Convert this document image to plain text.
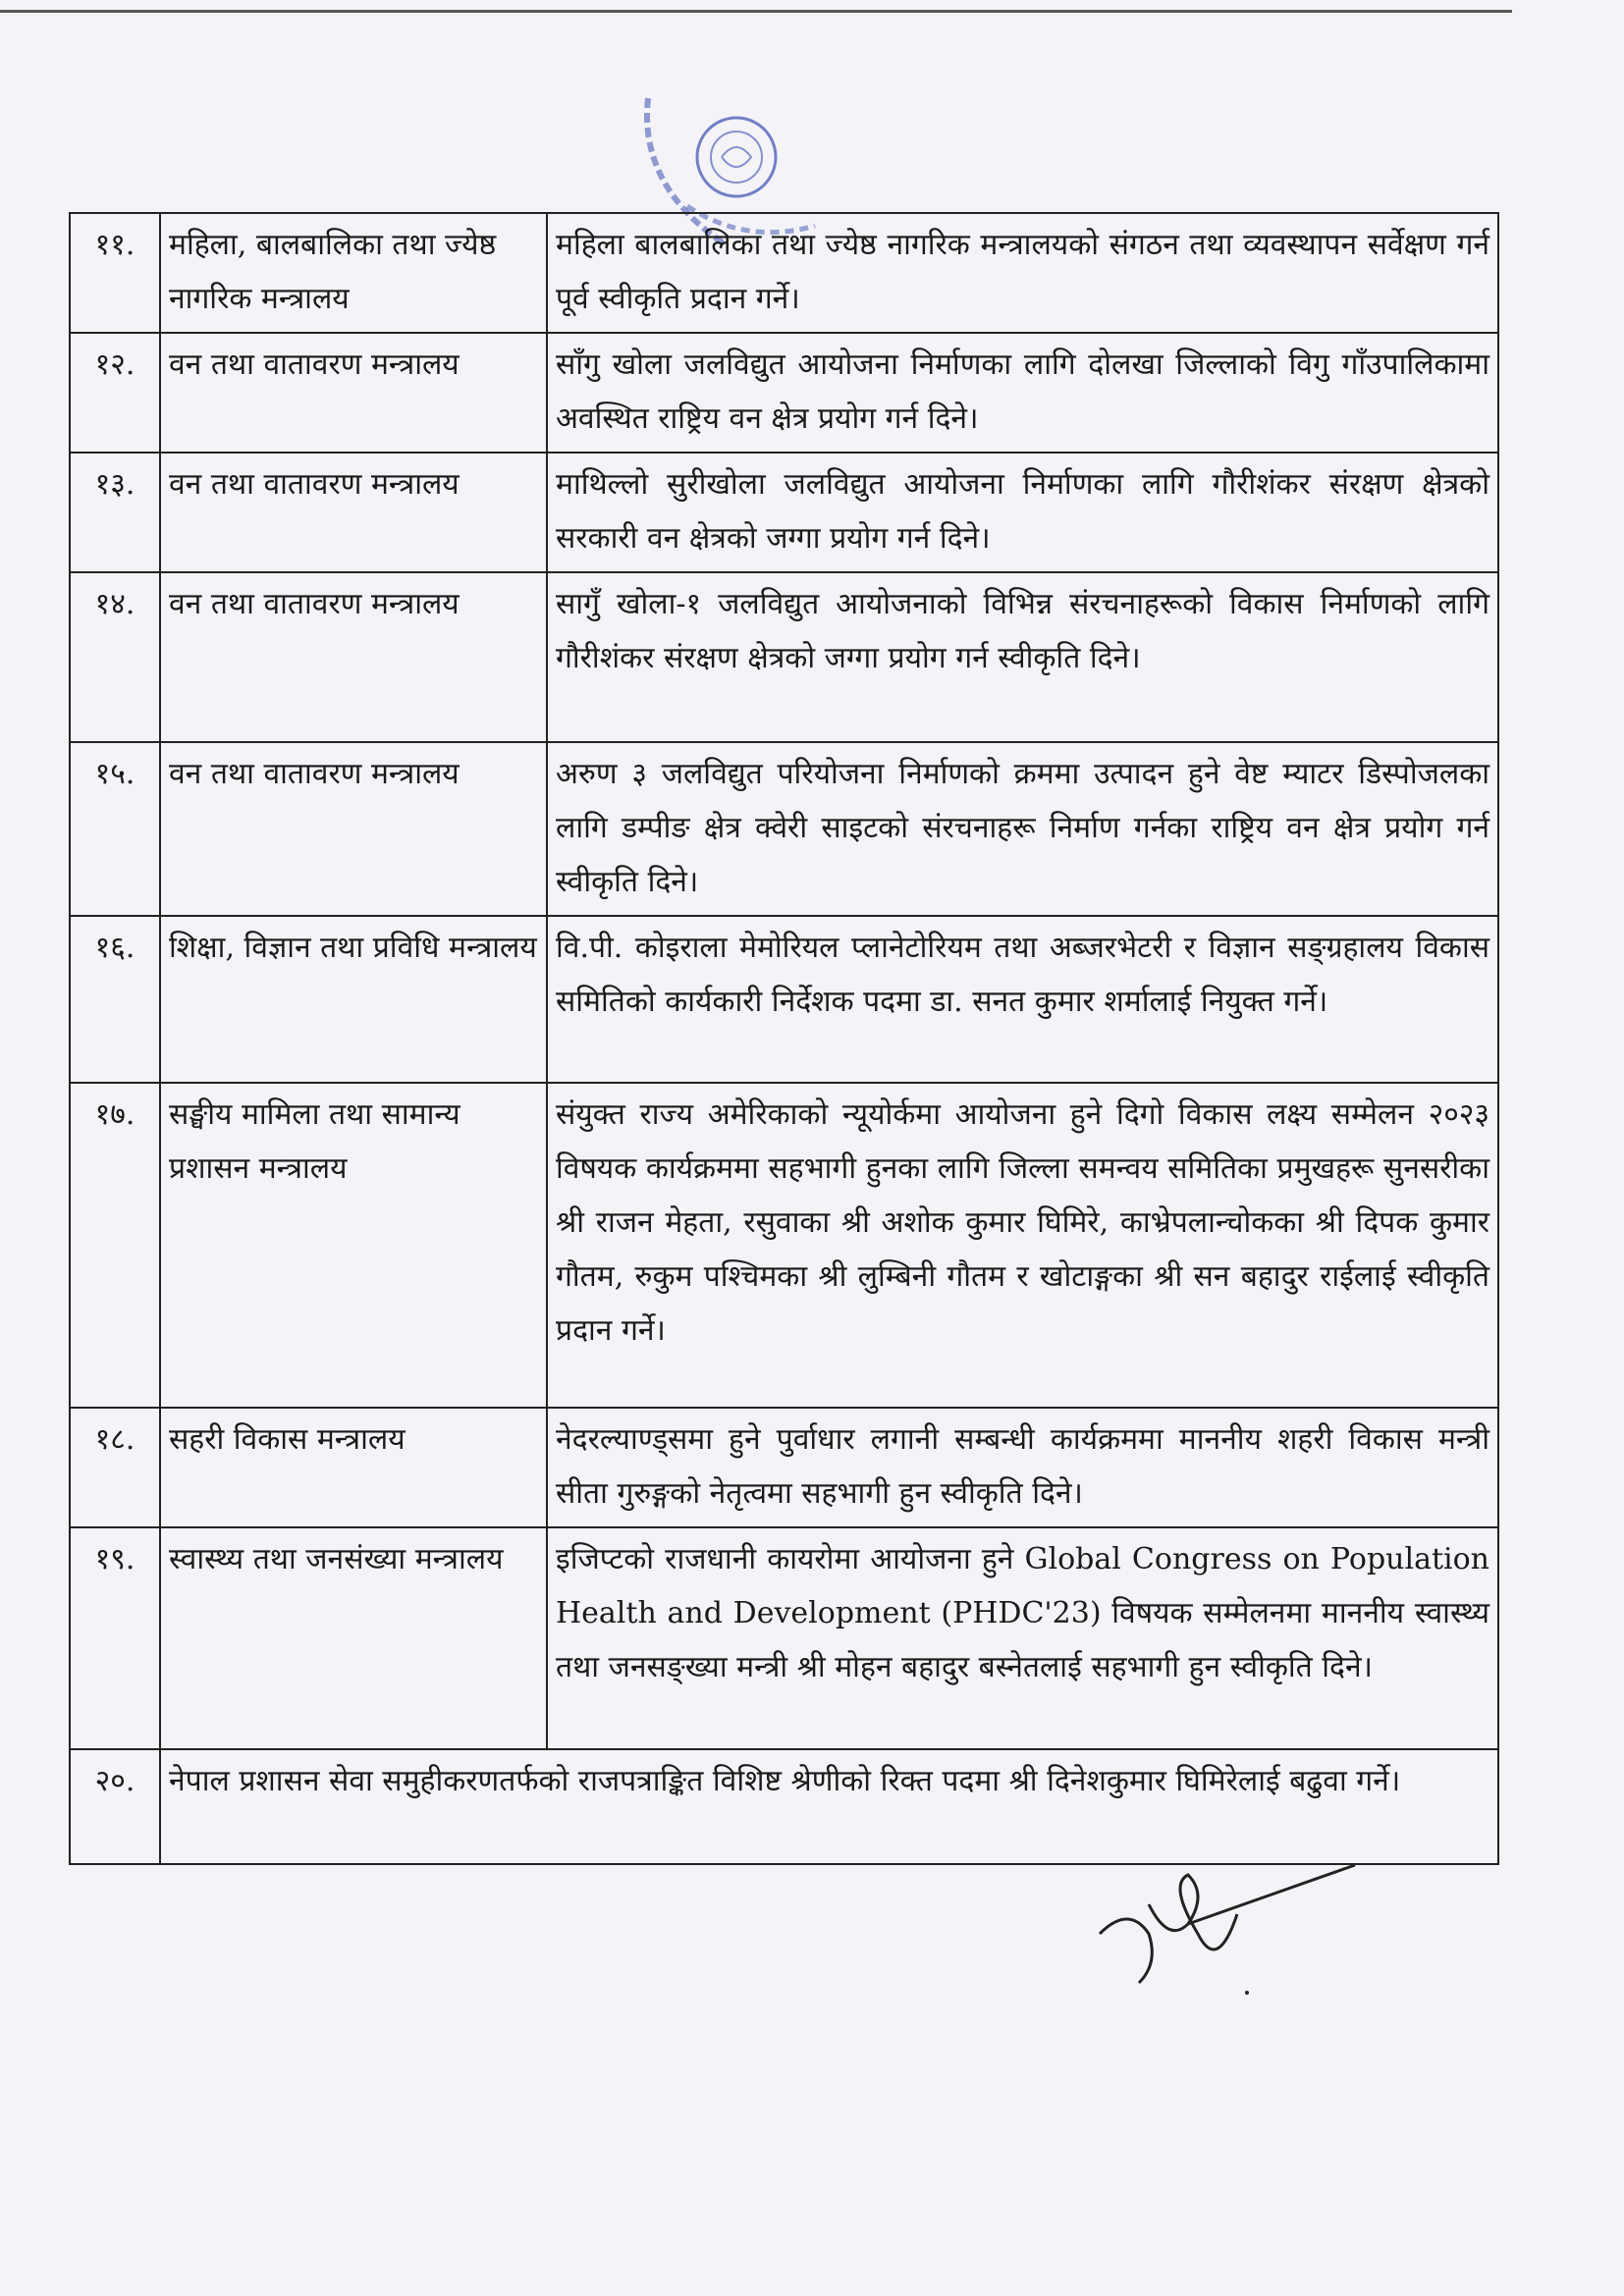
११.	महिला, बालबालिका तथा ज्येष्ठ नागरिक मन्त्रालय	महिला बालबालिका तथा ज्येष्ठ नागरिक मन्त्रालयको संगठन तथा व्यवस्थापन सर्वेक्षण गर्न पूर्व स्वीकृति प्रदान गर्ने।
१२.	वन तथा वातावरण मन्त्रालय	साँगु खोला जलविद्युत आयोजना निर्माणका लागि दोलखा जिल्लाको विगु गाँउपालिकामा अवस्थित राष्ट्रिय वन क्षेत्र प्रयोग गर्न दिने।
१३.	वन तथा वातावरण मन्त्रालय	माथिल्लो सुरीखोला जलविद्युत आयोजना निर्माणका लागि गौरीशंकर संरक्षण क्षेत्रको सरकारी वन क्षेत्रको जग्गा प्रयोग गर्न दिने।
१४.	वन तथा वातावरण मन्त्रालय	सागुँ खोला-१ जलविद्युत आयोजनाको विभिन्न संरचनाहरूको विकास निर्माणको लागि गौरीशंकर संरक्षण क्षेत्रको जग्गा प्रयोग गर्न स्वीकृति दिने।
१५.	वन तथा वातावरण मन्त्रालय	अरुण ३ जलविद्युत परियोजना निर्माणको क्रममा उत्पादन हुने वेष्ट म्याटर डिस्पोजलका लागि डम्पीङ क्षेत्र क्वेरी साइटको संरचनाहरू निर्माण गर्नका राष्ट्रिय वन क्षेत्र प्रयोग गर्न स्वीकृति दिने।
१६.	शिक्षा, विज्ञान तथा प्रविधि मन्त्रालय	वि.पी. कोइराला मेमोरियल प्लानेटोरियम तथा अब्जरभेटरी र विज्ञान सङ्ग्रहालय विकास समितिको कार्यकारी निर्देशक पदमा डा. सनत कुमार शर्मालाई नियुक्त गर्ने।
१७.	सङ्घीय मामिला तथा सामान्य प्रशासन मन्त्रालय	संयुक्त राज्य अमेरिकाको न्यूयोर्कमा आयोजना हुने दिगो विकास लक्ष्य सम्मेलन २०२३ विषयक कार्यक्रममा सहभागी हुनका लागि जिल्ला समन्वय समितिका प्रमुखहरू सुनसरीका श्री राजन मेहता, रसुवाका श्री अशोक कुमार घिमिरे, काभ्रेपलान्चोकका श्री दिपक कुमार गौतम, रुकुम पश्चिमका श्री लुम्बिनी गौतम र खोटाङ्गका श्री सन बहादुर राईलाई स्वीकृति प्रदान गर्ने।
१८.	सहरी विकास मन्त्रालय	नेदरल्याण्ड्समा हुने पुर्वाधार लगानी सम्बन्धी कार्यक्रममा माननीय शहरी विकास मन्त्री सीता गुरुङ्गको नेतृत्वमा सहभागी हुन स्वीकृति दिने।
१९.	स्वास्थ्य तथा जनसंख्या मन्त्रालय	इजिप्टको राजधानी कायरोमा आयोजना हुने Global Congress on Population Health and Development (PHDC'23) विषयक सम्मेलनमा माननीय स्वास्थ्य तथा जनसङ्ख्या मन्त्री श्री मोहन बहादुर बस्नेतलाई सहभागी हुन स्वीकृति दिने।
२०.	नेपाल प्रशासन सेवा समुहीकरणतर्फको राजपत्राङ्कित विशिष्ट श्रेणीको रिक्त पदमा श्री दिनेशकुमार घिमिरेलाई बढुवा गर्ने।	
